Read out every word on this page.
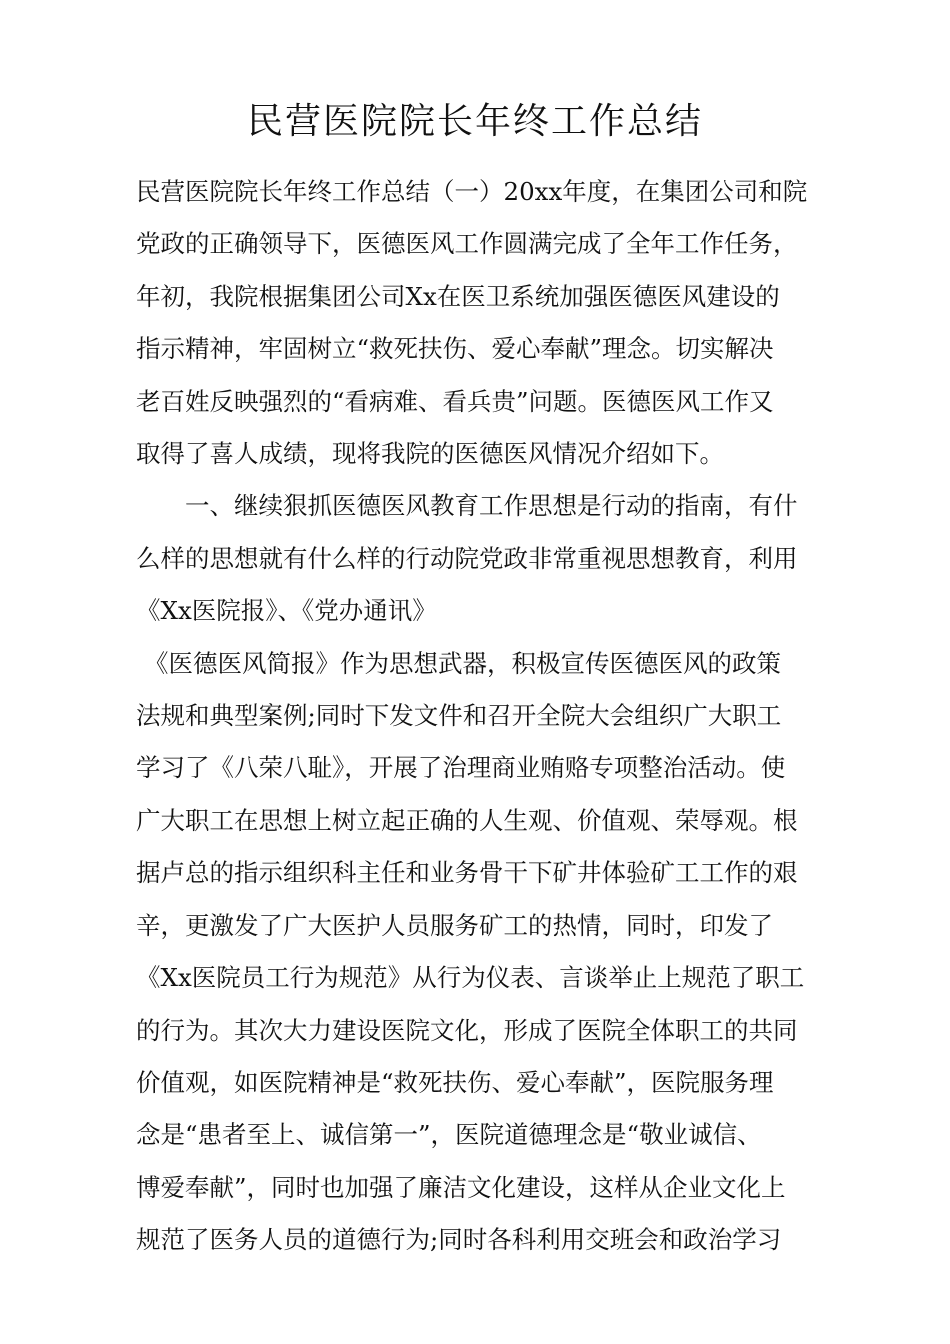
民营医院院长年终工作总结
民营医院院长年终工作总结（一）20xx年度，在集团公司和院
党政的正确领导下，医德医风工作圆满完成了全年工作任务，
年初，我院根据集团公司Xx在医卫系统加强医德医风建设的
指示精神，牢固树立“救死扶伤、爱心奉献”理念。切实解决
老百姓反映强烈的“看病难、看兵贵”问题。医德医风工作又
取得了喜人成绩，现将我院的医德医风情况介绍如下。
一、继续狠抓医德医风教育工作思想是行动的指南，有什
么样的思想就有什么样的行动院党政非常重视思想教育，利用
《Xx医院报》、《党办通讯》
《医德医风简报》作为思想武器，积极宣传医德医风的政策
法规和典型案例;同时下发文件和召开全院大会组织广大职工
学习了《八荣八耻》，开展了治理商业贿赂专项整治活动。使
广大职工在思想上树立起正确的人生观、价值观、荣辱观。根
据卢总的指示组织科主任和业务骨干下矿井体验矿工工作的艰
辛，更激发了广大医护人员服务矿工的热情，同时，印发了
《Xx医院员工行为规范》从行为仪表、言谈举止上规范了职工
的行为。其次大力建设医院文化，形成了医院全体职工的共同
价值观，如医院精神是“救死扶伤、爱心奉献”，医院服务理
念是“患者至上、诚信第一”，医院道德理念是“敬业诚信、
博爱奉献”，同时也加强了廉洁文化建设，这样从企业文化上
规范了医务人员的道德行为;同时各科利用交班会和政治学习
